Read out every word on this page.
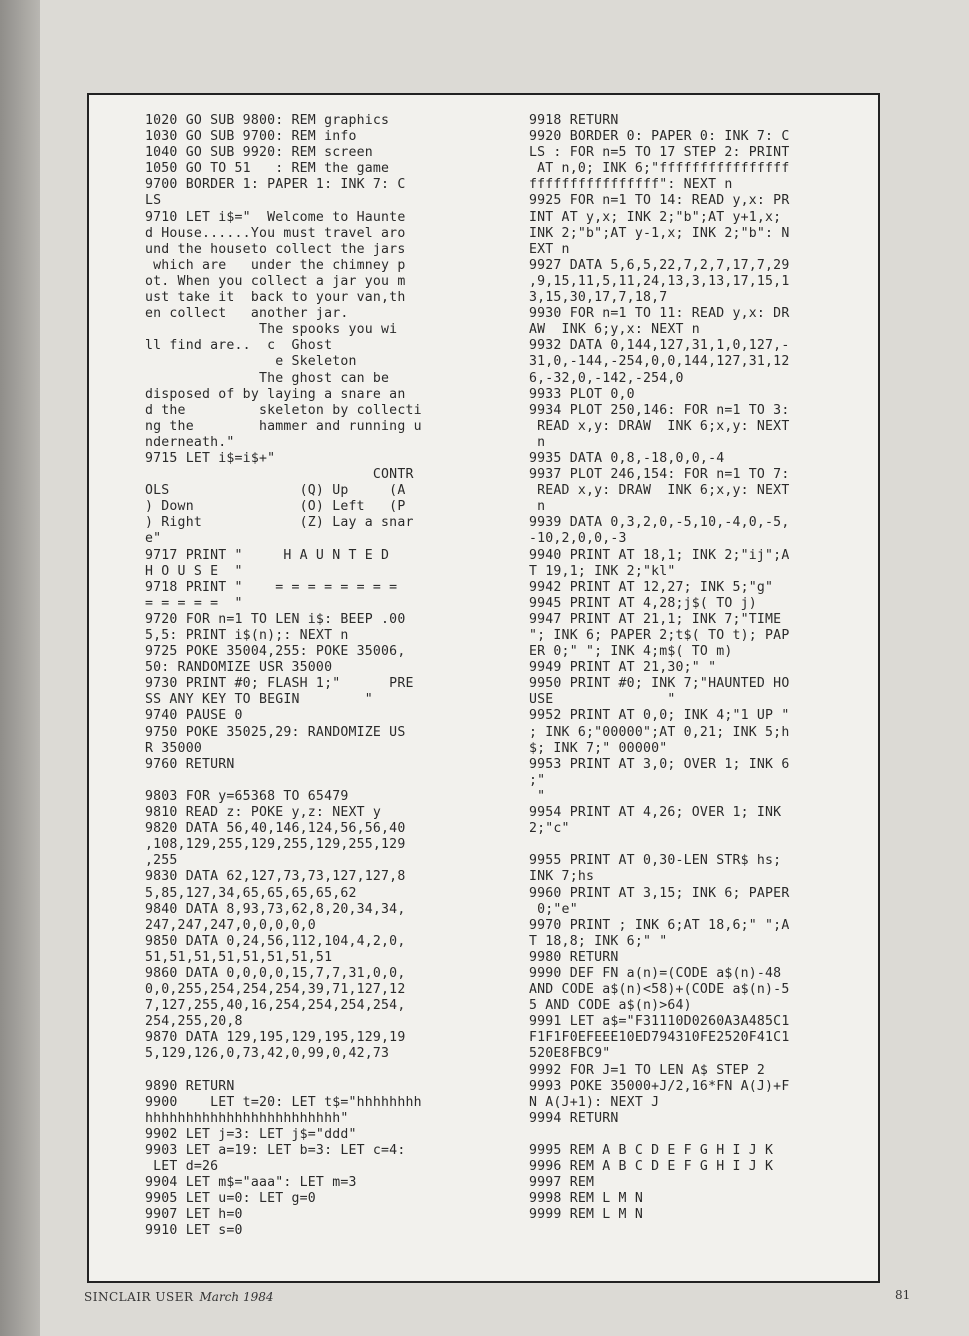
1020 GO SUB 9800: REM graphics
1030 GO SUB 9700: REM info
1040 GO SUB 9920: REM screen
1050 GO TO 51   : REM the game
9700 BORDER 1: PAPER 1: INK 7: C
LS
9710 LET i$="  Welcome to Haunte
d House......You must travel aro
und the houseto collect the jars
which are   under the chimney p
ot. When you collect a jar you m
ust take it  back to your van,th
en collect   another jar.
The spooks you wi
ll find are..  c  Ghost
e Skeleton
The ghost can be
disposed of by laying a snare an
d the         skeleton by collecti
ng the        hammer and running u
nderneath."
9715 LET i$=i$+"
CONTR
OLS                (Q) Up     (A
) Down             (O) Left   (P
) Right            (Z) Lay a snar
e"
9717 PRINT "     H A U N T E D
H O U S E  "
9718 PRINT "    = = = = = = = =
= = = = =  "
9720 FOR n=1 TO LEN i$: BEEP .00
5,5: PRINT i$(n);: NEXT n
9725 POKE 35004,255: POKE 35006,
50: RANDOMIZE USR 35000
9730 PRINT #0; FLASH 1;"      PRE
SS ANY KEY TO BEGIN        "
9740 PAUSE 0
9750 POKE 35025,29: RANDOMIZE US
R 35000
9760 RETURN
9803 FOR y=65368 TO 65479
9810 READ z: POKE y,z: NEXT y
9820 DATA 56,40,146,124,56,56,40
,108,129,255,129,255,129,255,129
,255
9830 DATA 62,127,73,73,127,127,8
5,85,127,34,65,65,65,65,62
9840 DATA 8,93,73,62,8,20,34,34,
247,247,247,0,0,0,0,0
9850 DATA 0,24,56,112,104,4,2,0,
51,51,51,51,51,51,51,51
9860 DATA 0,0,0,0,15,7,7,31,0,0,
0,0,255,254,254,254,39,71,127,12
7,127,255,40,16,254,254,254,254,
254,255,20,8
9870 DATA 129,195,129,195,129,19
5,129,126,0,73,42,0,99,0,42,73
9890 RETURN
9900    LET t=20: LET t$="hhhhhhhh
hhhhhhhhhhhhhhhhhhhhhhhh"
9902 LET j=3: LET j$="ddd"
9903 LET a=19: LET b=3: LET c=4:
LET d=26
9904 LET m$="aaa": LET m=3
9905 LET u=0: LET g=0
9907 LET h=0
9910 LET s=0
9918 RETURN
9920 BORDER 0: PAPER 0: INK 7: C
LS : FOR n=5 TO 17 STEP 2: PRINT
AT n,0; INK 6;"ffffffffffffffff
ffffffffffffffff": NEXT n
9925 FOR n=1 TO 14: READ y,x: PR
INT AT y,x; INK 2;"b";AT y+1,x;
INK 2;"b";AT y-1,x; INK 2;"b": N
EXT n
9927 DATA 5,6,5,22,7,2,7,17,7,29
,9,15,11,5,11,24,13,3,13,17,15,1
3,15,30,17,7,18,7
9930 FOR n=1 TO 11: READ y,x: DR
AW  INK 6;y,x: NEXT n
9932 DATA 0,144,127,31,1,0,127,-
31,0,-144,-254,0,0,144,127,31,12
6,-32,0,-142,-254,0
9933 PLOT 0,0
9934 PLOT 250,146: FOR n=1 TO 3:
READ x,y: DRAW  INK 6;x,y: NEXT
n
9935 DATA 0,8,-18,0,0,-4
9937 PLOT 246,154: FOR n=1 TO 7:
READ x,y: DRAW  INK 6;x,y: NEXT
n
9939 DATA 0,3,2,0,-5,10,-4,0,-5,
-10,2,0,0,-3
9940 PRINT AT 18,1; INK 2;"ij";A
T 19,1; INK 2;"kl"
9942 PRINT AT 12,27; INK 5;"g"
9945 PRINT AT 4,28;j$( TO j)
9947 PRINT AT 21,1; INK 7;"TIME
"; INK 6; PAPER 2;t$( TO t); PAP
ER 0;" "; INK 4;m$( TO m)
9949 PRINT AT 21,30;" "
9950 PRINT #0; INK 7;"HAUNTED HO
USE              "
9952 PRINT AT 0,0; INK 4;"1 UP "
; INK 6;"00000";AT 0,21; INK 5;h
$; INK 7;" 00000"
9953 PRINT AT 3,0; OVER 1; INK 6
;"
"
9954 PRINT AT 4,26; OVER 1; INK
2;"c"
9955 PRINT AT 0,30-LEN STR$ hs;
INK 7;hs
9960 PRINT AT 3,15; INK 6; PAPER
0;"e"
9970 PRINT ; INK 6;AT 18,6;" ";A
T 18,8; INK 6;" "
9980 RETURN
9990 DEF FN a(n)=(CODE a$(n)-48
AND CODE a$(n)<58)+(CODE a$(n)-5
5 AND CODE a$(n)>64)
9991 LET a$="F31110D0260A3A485C1
F1F1F0EFEEE10ED794310FE2520F41C1
520E8FBC9"
9992 FOR J=1 TO LEN A$ STEP 2
9993 POKE 35000+J/2,16*FN A(J)+F
N A(J+1): NEXT J
9994 RETURN
9995 REM A B C D E F G H I J K
9996 REM A B C D E F G H I J K
9997 REM
9998 REM L M N
9999 REM L M N
SINCLAIR USER March 1984	81
